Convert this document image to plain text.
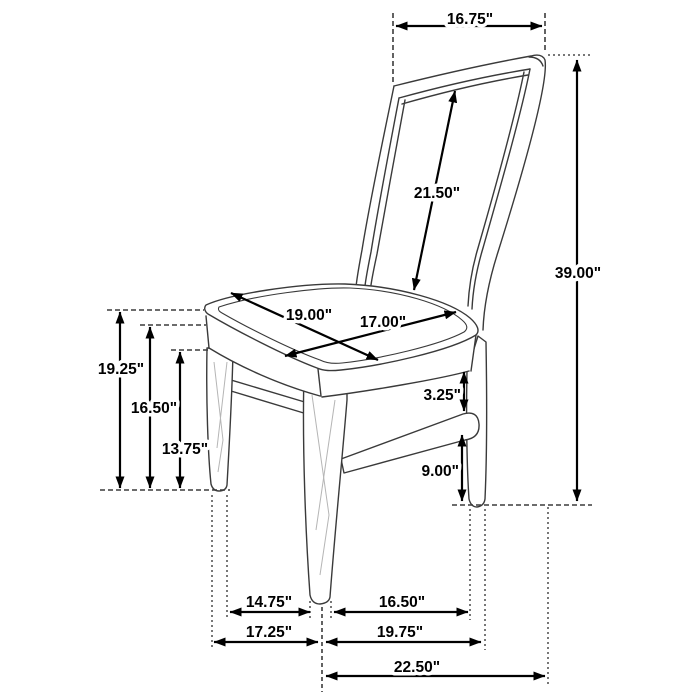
16.75"
21.50"
39.00"
19.00" 17.00"
19.25"
16.50"
13.75"
3.25"
9.00"
14.75"	16.50"
17.25"	19.75"
22.50"
